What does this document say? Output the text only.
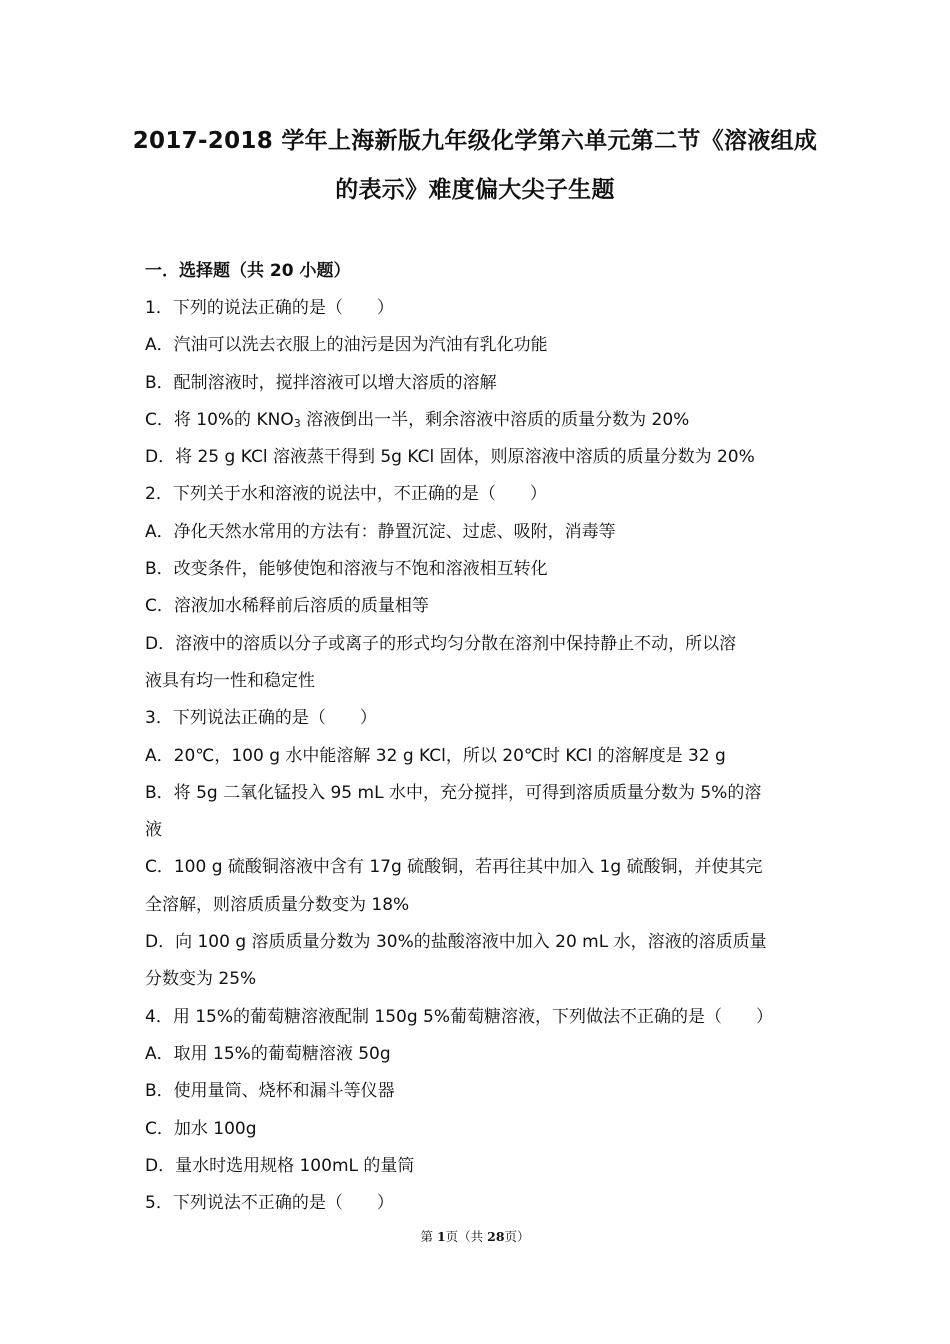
2017-2018 学年上海新版九年级化学第六单元第二节《溶液组成
的表示》难度偏大尖子生题
一．选择题（共 20 小题）
1．下列的说法正确的是（　　）
A．汽油可以洗去衣服上的油污是因为汽油有乳化功能
B．配制溶液时，搅拌溶液可以增大溶质的溶解
C．将 10%的 $KNO_3$ 溶液倒出一半，剩余溶液中溶质的质量分数为 20%
D．将 25 g KCl 溶液蒸干得到 5g KCl 固体，则原溶液中溶质的质量分数为 20%
2．下列关于水和溶液的说法中，不正确的是（　　）
A．净化天然水常用的方法有：静置沉淀、过虑、吸附，消毒等
B．改变条件，能够使饱和溶液与不饱和溶液相互转化
C．溶液加水稀释前后溶质的质量相等
D．溶液中的溶质以分子或离子的形式均匀分散在溶剂中保持静止不动，所以溶
液具有均一性和稳定性
3．下列说法正确的是（　　）
A．20℃，100 g 水中能溶解 32 g KCl，所以 20℃时 KCl 的溶解度是 32 g
B．将 5g 二氧化锰投入 95 mL 水中，充分搅拌，可得到溶质质量分数为 5%的溶
液
C．100 g 硫酸铜溶液中含有 17g 硫酸铜，若再往其中加入 1g 硫酸铜，并使其完
全溶解，则溶质质量分数变为 18%
D．向 100 g 溶质质量分数为 30%的盐酸溶液中加入 20 mL 水，溶液的溶质质量
分数变为 25%
4．用 15%的葡萄糖溶液配制 150g 5%葡萄糖溶液，下列做法不正确的是（　　）
A．取用 15%的葡萄糖溶液 50g
B．使用量筒、烧杯和漏斗等仪器
C．加水 100g
D．量水时选用规格 100mL 的量筒
5．下列说法不正确的是（　　）
第 1页（共 28页）
